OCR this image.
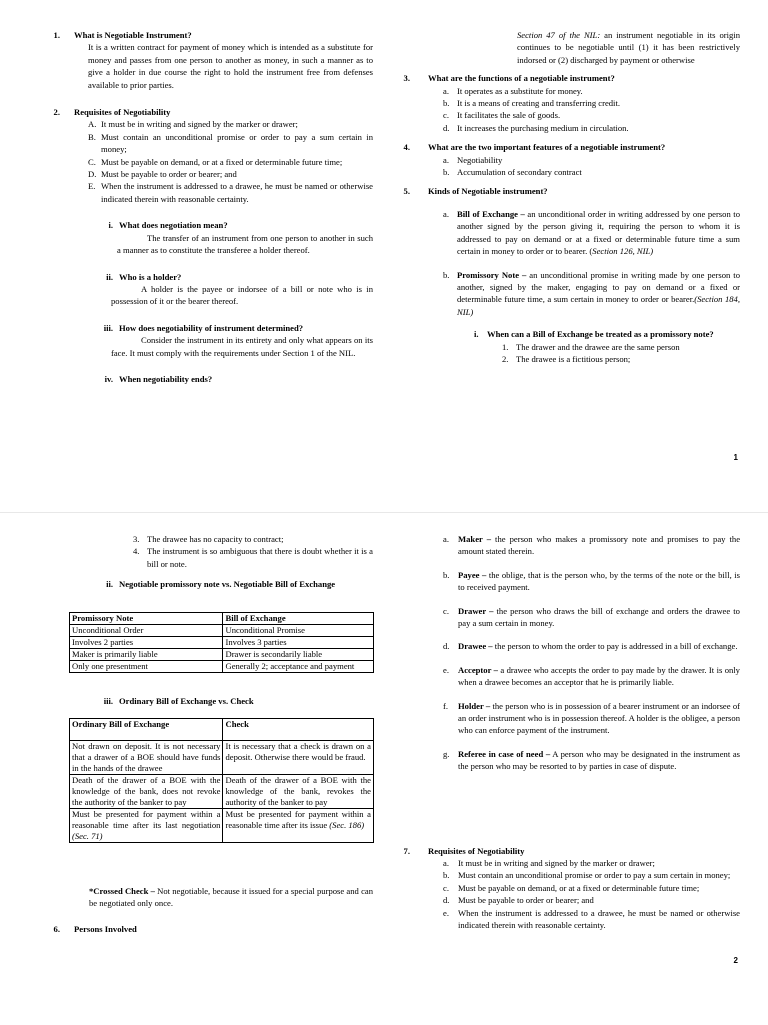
1.	What is Negotiable Instrument?

It is a written contract for payment of money which is intended as a substitute for money and passes from one person to another as money, in such a manner as to give a holder in due course the right to hold the instrument free from defenses available to prior parties.

2.	Requisites of Negotiability
A. It must be in writing and signed by the marker or drawer;
B. Must contain an unconditional promise or order to pay a sum certain in money;
C. Must be payable on demand, or at a fixed or determinable future time;
D. Must be payable to order or bearer; and
E. When the instrument is addressed to a drawee, he must be named or otherwise indicated therein with reasonable certainty.
i. What does negotiation mean?

The transfer of an instrument from one person to another in such a manner as to constitute the transferee a holder thereof.

ii. Who is a holder?

A holder is the payee or indorsee of a bill or note who is in possession of it or the bearer thereof.

iii. How does negotiability of instrument determined?

Consider the instrument in its entirety and only what appears on its face. It must comply with the requirements under Section 1 of the NIL.

iv. When negotiability ends?

Section 47 of the NIL: an instrument negotiable in its origin continues to be negotiable until (1) it has been restrictively indorsed or (2) discharged by payment or otherwise

3.	What are the functions of a negotiable instrument?
a. It operates as a substitute for money.
b. It is a means of creating and transferring credit.
c. It facilitates the sale of goods.
d. It increases the purchasing medium in circulation.
4.	What are the two important features of a negotiable instrument?
a. Negotiability
b. Accumulation of secondary contract
5.	Kinds of Negotiable instrument?
a. Bill of Exchange – an unconditional order in writing addressed by one person to another signed by the person giving it, requiring the person to whom it is addressed to pay on demand or at a fixed or determinable future time a sum certain in money to order or to bearer. (Section 126, NIL)
b. Promissory Note – an unconditional promise in writing made by one person to another, signed by the maker, engaging to pay on demand or a fixed or determinable future time, a sum certain in money to order or bearer.(Section 184, NIL)
i. When can a Bill of Exchange be treated as a promissory note?
1. The drawer and the drawee are the same person
2. The drawee is a fictitious person;
1
3. The drawee has no capacity to contract;
4. The instrument is so ambiguous that there is doubt whether it is a bill or note.
ii. Negotiable promissory note vs. Negotiable Bill of Exchange
Promissory Note	Bill of Exchange
Unconditional Order	Unconditional Promise
Involves 2 parties	Involves 3 parties
Maker is primarily liable	Drawer is secondarily liable
Only one presentment	Generally 2; acceptance and payment
iii. Ordinary Bill of Exchange vs. Check
Ordinary Bill of Exchange	Check
Not drawn on deposit. It is not necessary that a drawer of a BOE should have funds in the hands of the drawee	It is necessary that a check is drawn on a deposit. Otherwise there would be fraud.
Death of the drawer of a BOE with the knowledge of the bank, does not revoke the authority of the banker to pay	Death of the drawer of a BOE with the knowledge of the bank, revokes the authority of the banker to pay
Must be presented for payment within a reasonable time after its last negotiation (Sec. 71)	Must be presented for payment within a reasonable time after its issue (Sec. 186)

*Crossed Check – Not negotiable, because it issued for a special purpose and can be negotiated only once.

6.	Persons Involved
a.	Maker – the person who makes a promissory note and promises to pay the amount stated therein.
b. Payee – the oblige, that is the person who, by the terms of the note or the bill, is to received payment.
c.	Drawer – the person who draws the bill of exchange and orders the drawee to pay a sum certain in money.
d. Drawee – the person to whom the order to pay is addressed in a bill of exchange.
e.	Acceptor – a drawee who accepts the order to pay made by the drawer. It is only when a drawee becomes an acceptor that he is primarily liable.
f.	Holder – the person who is in possession of a bearer instrument or an indorsee of an order instrument who is in possession thereof. A holder is the obligee, a person who can enforce payment of the instrument.
g. Referee in case of need – A person who may be designated in the instrument as the person who may be resorted to by parties in case of dispute.
7.	Requisites of Negotiability
a.	It must be in writing and signed by the marker or drawer;
b. Must contain an unconditional promise or order to pay a sum certain in money;
c.	Must be payable on demand, or at a fixed or determinable future time;
d. Must be payable to order or bearer; and
e.	When the instrument is addressed to a drawee, he must be named or otherwise indicated therein with reasonable certainty.
2
